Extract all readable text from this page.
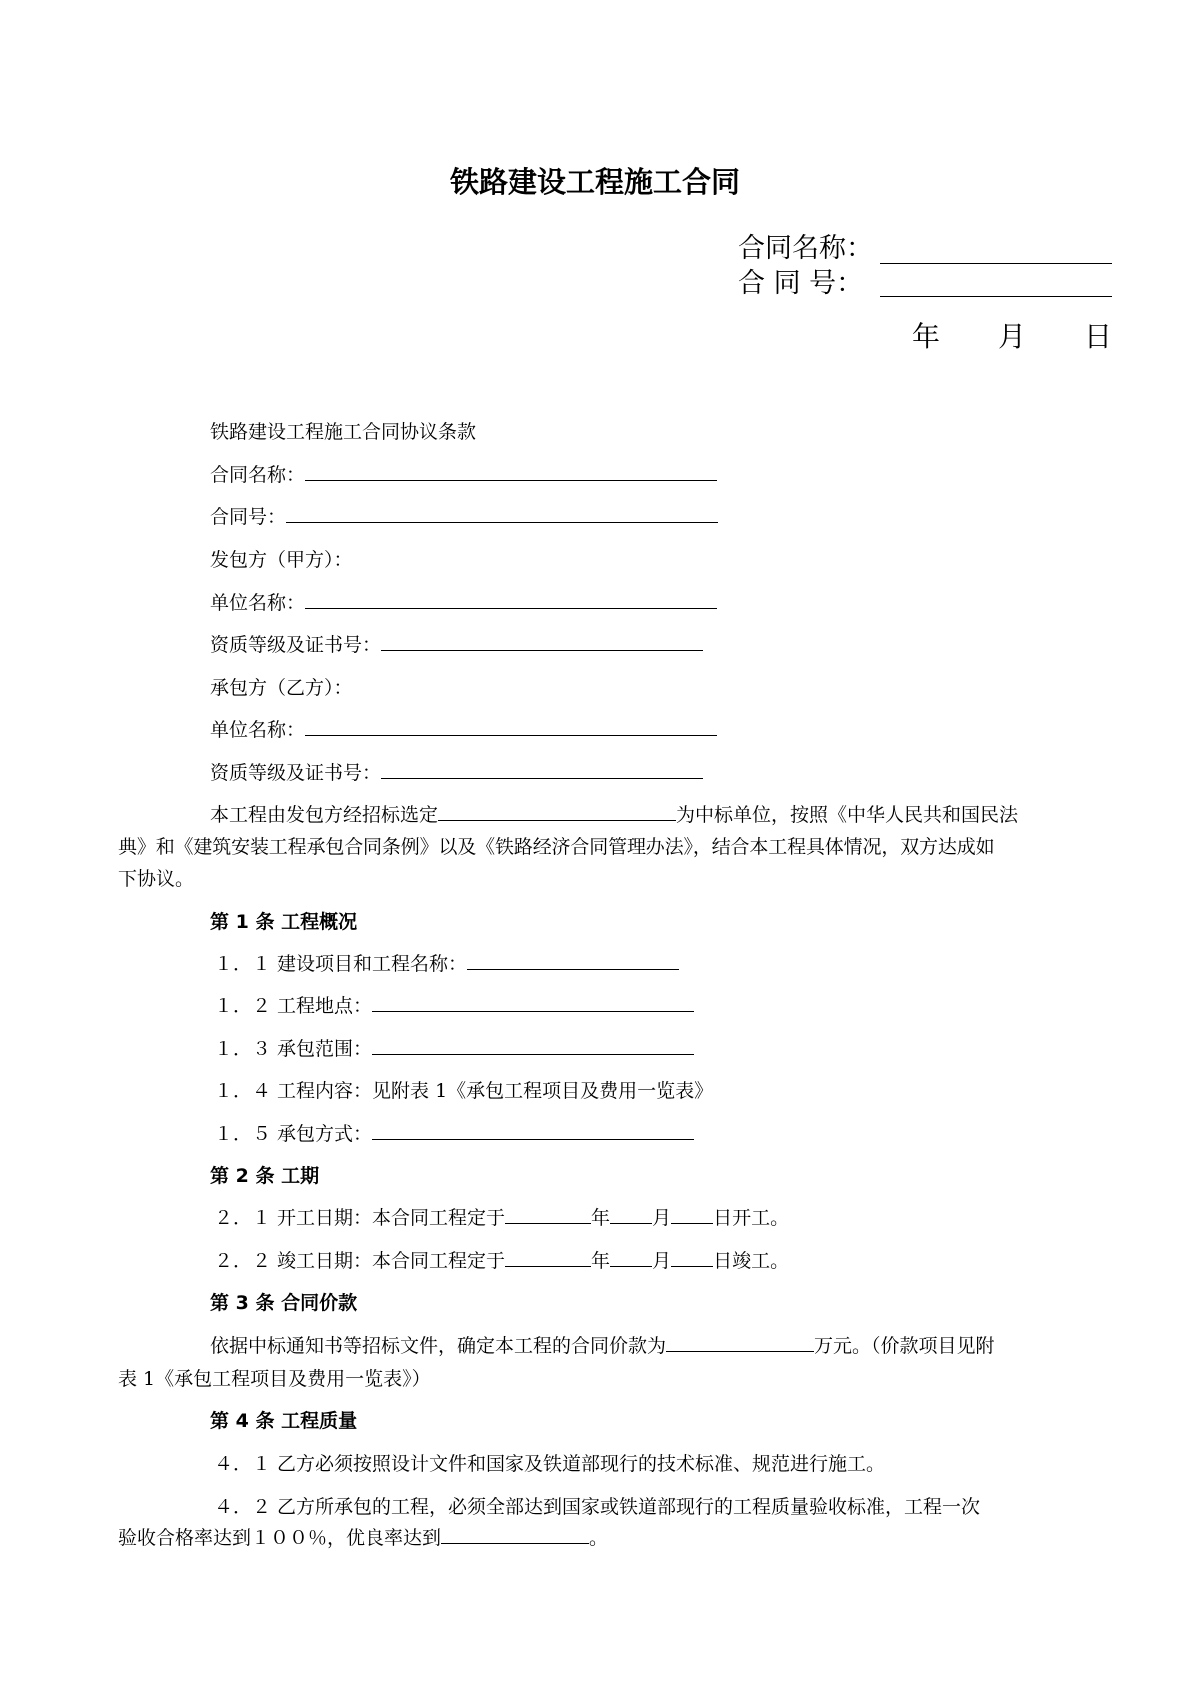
铁路建设工程施工合同
合同名称：
合 同 号：
年 月 日
铁路建设工程施工合同协议条款
合同名称：
合同号：
发包方（甲方）：
单位名称：
资质等级及证书号：
承包方（乙方）：
单位名称：
资质等级及证书号：
本工程由发包方经招标选定	为中标单位，按照《中华人民共和国民法
典》和《建筑安装工程承包合同条例》以及《铁路经济合同管理办法》，结合本工程具体情况，双方达成如
下协议。
第 1 条 工程概况
１．１ 建设项目和工程名称：
１．２ 工程地点：
１．３ 承包范围：
１．４ 工程内容：见附表 1《承包工程项目及费用一览表》
１．５ 承包方式：
第 2 条 工期
２．１ 开工日期：本合同工程定于	年 月 日开工。
２．２ 竣工日期：本合同工程定于	年 月 日竣工。
第 3 条 合同价款
依据中标通知书等招标文件，确定本工程的合同价款为	万元。（价款项目见附
表 1《承包工程项目及费用一览表》）
第 4 条 工程质量
４．１ 乙方必须按照设计文件和国家及铁道部现行的技术标准、规范进行施工。
４．２ 乙方所承包的工程，必须全部达到国家或铁道部现行的工程质量验收标准，工程一次
验收合格率达到１００％，优良率达到	。
